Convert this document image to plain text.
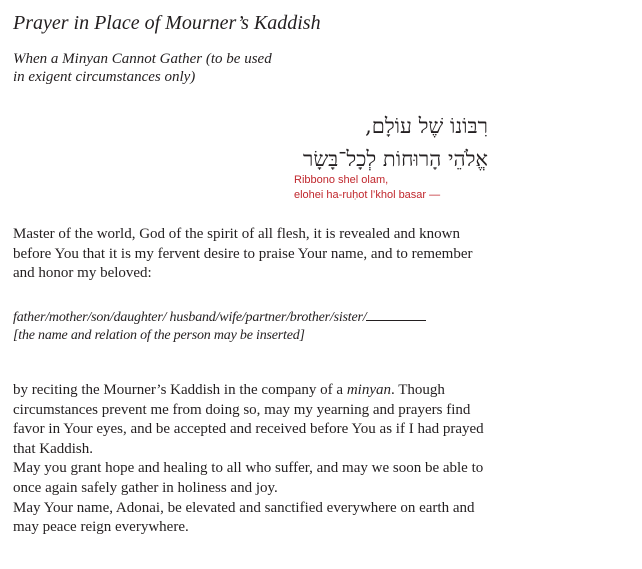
Prayer in Place of Mourner’s Kaddish
When a Minyan Cannot Gather (to be used in exigent circumstances only)
רִבּוֹנוֹ שֶׁל עוֹלָם,
אֱלֹהֵי הָרוּחוֹת לְכָל־בָּשָׂר
Ribbono shel olam,
elohei ha-ruḥot l’khol basar —

Master of the world, God of the spirit of all flesh, it is revealed and known before You that it is my fervent desire to praise Your name, and to remember and honor my beloved:

father/mother/son/daughter/ husband/wife/partner/brother/sister/
[the name and relation of the person may be inserted]

by reciting the Mourner’s Kaddish in the company of a minyan. Though circumstances prevent me from doing so, may my yearning and prayers find favor in Your eyes, and be accepted and received before You as if I had prayed that Kaddish.

May you grant hope and healing to all who suffer, and may we soon be able to once again safely gather in holiness and joy.

May Your name, Adonai, be elevated and sanctified everywhere on earth and may peace reign everywhere.
